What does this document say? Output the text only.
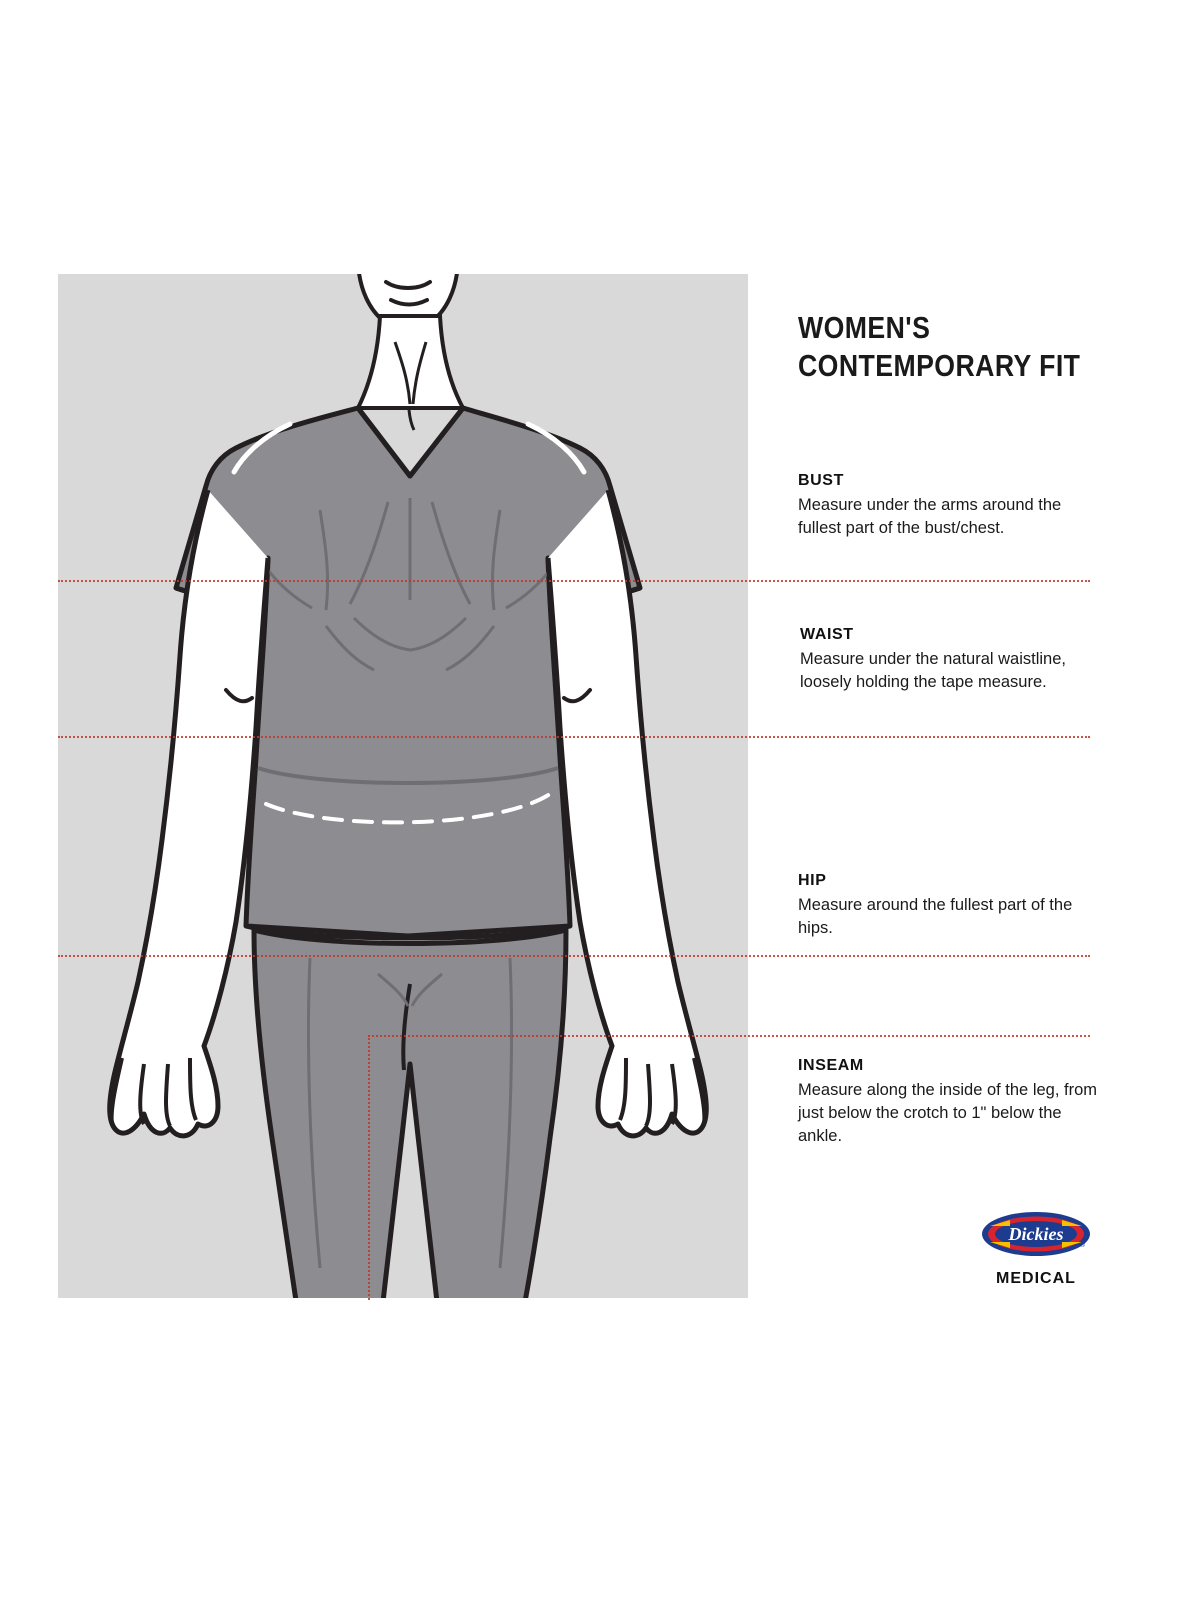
WOMEN'S
CONTEMPORARY FIT
BUST
Measure under the arms around the fullest part of the bust/chest.
WAIST
Measure under the natural waistline, loosely holding the tape measure.
HIP
Measure around the fullest part of the hips.
INSEAM
Measure along the inside of the leg, from just below the crotch to 1" below the ankle.
Dickies
®
MEDICAL
